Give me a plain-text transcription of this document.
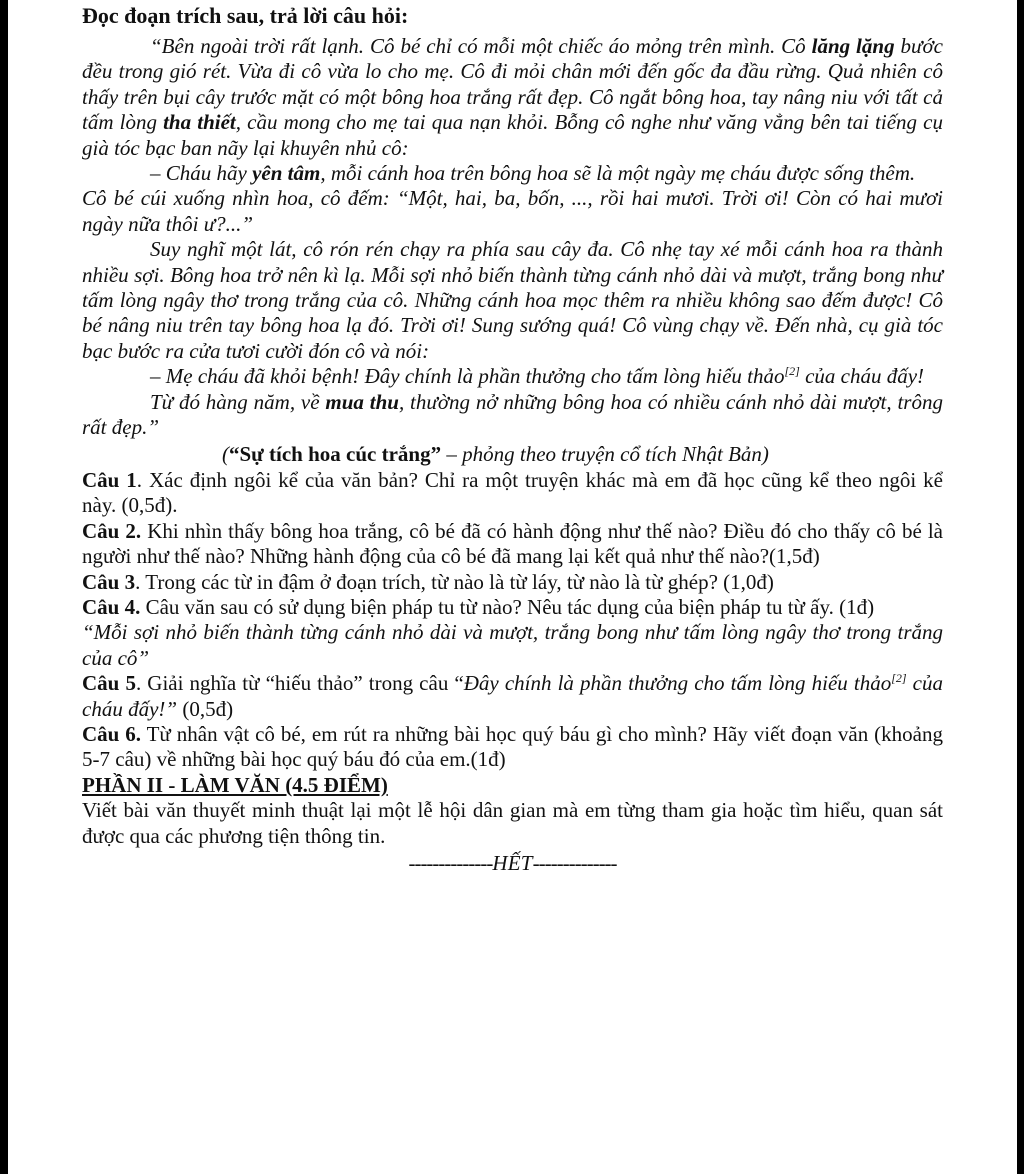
Đọc đoạn trích sau, trả lời câu hỏi:

“Bên ngoài trời rất lạnh. Cô bé chỉ có mỗi một chiếc áo mỏng trên mình. Cô lăng lặng bước đều trong gió rét. Vừa đi cô vừa lo cho mẹ. Cô đi mỏi chân mới đến gốc đa đầu rừng. Quả nhiên cô thấy trên bụi cây trước mặt có một bông hoa trắng rất đẹp. Cô ngắt bông hoa, tay nâng niu với tất cả tấm lòng tha thiết, cầu mong cho mẹ tai qua nạn khỏi. Bỗng cô nghe như văng vẳng bên tai tiếng cụ già tóc bạc ban nãy lại khuyên nhủ cô:

– Cháu hãy yên tâm, mỗi cánh hoa trên bông hoa sẽ là một ngày mẹ cháu được sống thêm.

Cô bé cúi xuống nhìn hoa, cô đếm: “Một, hai, ba, bốn, ..., rồi hai mươi. Trời ơi! Còn có hai mươi ngày nữa thôi ư?...”

Suy nghĩ một lát, cô rón rén chạy ra phía sau cây đa. Cô nhẹ tay xé mỗi cánh hoa ra thành nhiều sợi. Bông hoa trở nên kì lạ. Mỗi sợi nhỏ biến thành từng cánh nhỏ dài và mượt, trắng bong như tấm lòng ngây thơ trong trắng của cô. Những cánh hoa mọc thêm ra nhiều không sao đếm được! Cô bé nâng niu trên tay bông hoa lạ đó. Trời ơi! Sung sướng quá! Cô vùng chạy về. Đến nhà, cụ già tóc bạc bước ra cửa tươi cười đón cô và nói:

– Mẹ cháu đã khỏi bệnh! Đây chính là phần thưởng cho tấm lòng hiếu thảo[2] của cháu đấy!

Từ đó hàng năm, về mua thu, thường nở những bông hoa có nhiều cánh nhỏ dài mượt, trông rất đẹp.”

(“Sự tích hoa cúc trắng” – phỏng theo truyện cổ tích Nhật Bản)

Câu 1. Xác định ngôi kể của văn bản? Chỉ ra một truyện khác mà em đã học cũng kể theo ngôi kể này. (0,5đ).

Câu 2. Khi nhìn thấy bông hoa trắng, cô bé đã có hành động như thế nào? Điều đó cho thấy cô bé là người như thế nào? Những hành động của cô bé đã mang lại kết quả như thế nào?(1,5đ)

Câu 3. Trong các từ in đậm ở đoạn trích, từ nào là từ láy, từ nào là từ ghép? (1,0đ)

Câu 4. Câu văn sau có sử dụng biện pháp tu từ nào? Nêu tác dụng của biện pháp tu từ ấy. (1đ)

“Mỗi sợi nhỏ biến thành từng cánh nhỏ dài và mượt, trắng bong như tấm lòng ngây thơ trong trắng của cô”

Câu 5. Giải nghĩa từ “hiếu thảo” trong câu “Đây chính là phần thưởng cho tấm lòng hiếu thảo[2] của cháu đấy!” (0,5đ)

Câu 6. Từ nhân vật cô bé, em rút ra những bài học quý báu gì cho mình? Hãy viết đoạn văn (khoảng 5-7 câu) về những bài học quý báu đó của em.(1đ)

PHẦN II - LÀM VĂN (4.5 ĐIỂM)

Viết bài văn thuyết minh thuật lại một lễ hội dân gian mà em từng tham gia hoặc tìm hiểu, quan sát được qua các phương tiện thông tin.

--------------HẾT--------------
